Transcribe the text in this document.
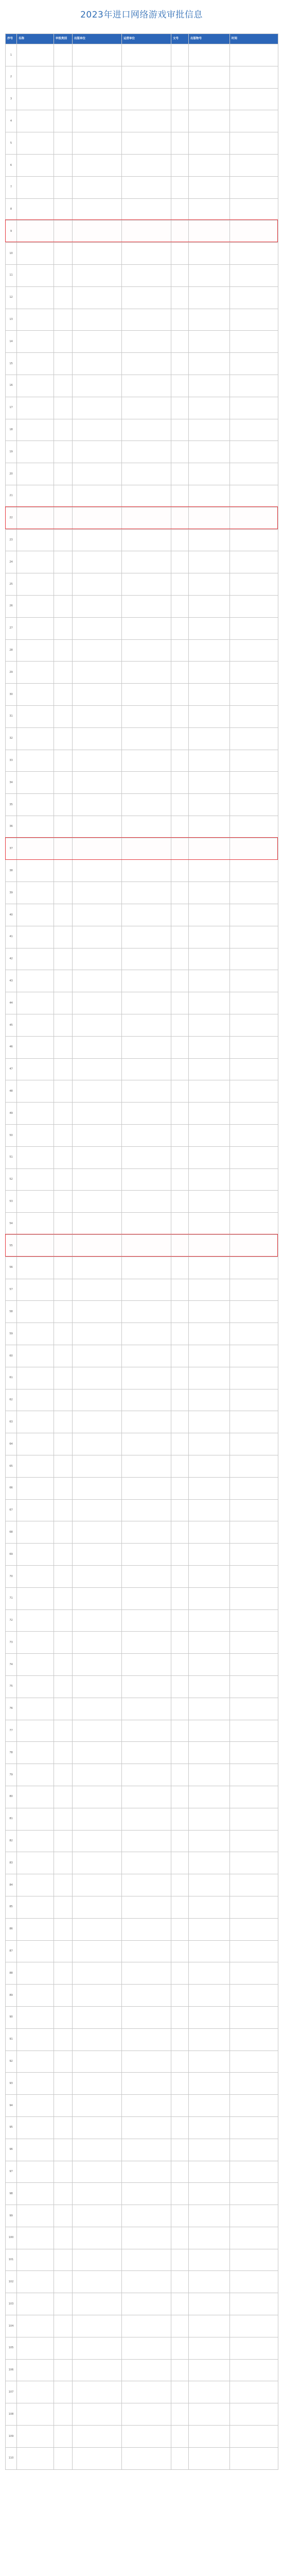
2023年进口网络游戏审批信息
序号	名称	申报类别	出版单位	运营单位	文号	出版物号	时间
1							
2							
3							
4							
5							
6							
7							
8							
9							
10							
11							
12							
13							
14							
15							
16							
17							
18							
19							
20							
21							
22							
23							
24							
25							
26							
27							
28							
29							
30							
31							
32							
33							
34							
35							
36							
37							
38							
39							
40							
41							
42							
43							
44							
45							
46							
47							
48							
49							
50							
51							
52							
53							
54							
55							
56							
57							
58							
59							
60							
61							
62							
63							
64							
65							
66							
67							
68							
69							
70							
71							
72							
73							
74							
75							
76							
77							
78							
79							
80							
81							
82							
83							
84							
85							
86							
87							
88							
89							
90							
91							
92							
93							
94							
95							
96							
97							
98							
99							
100							
101							
102							
103							
104							
105							
106							
107							
108							
109							
110							
